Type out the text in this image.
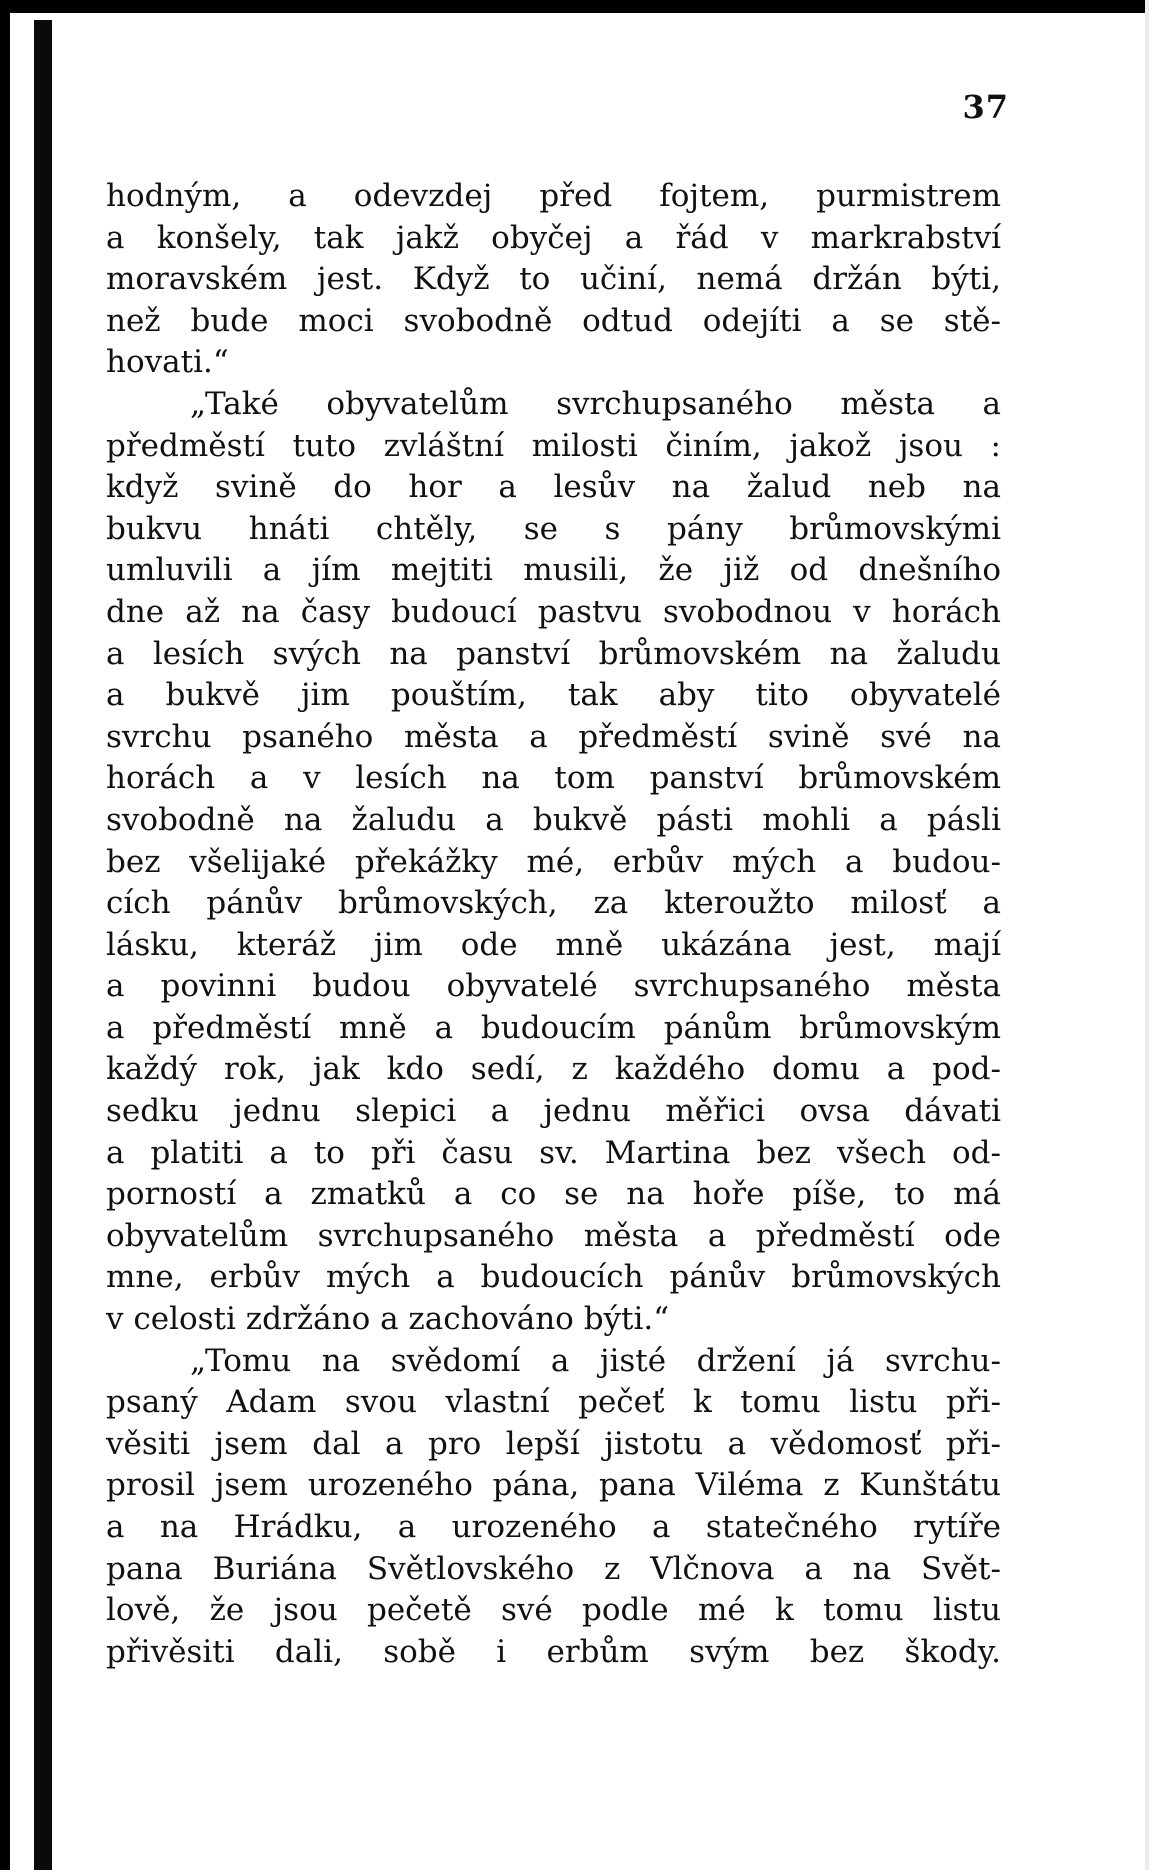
37
hodným, a odevzdej před fojtem, purmistrem
a konšely, tak jakž obyčej a řád v markrabství
moravském jest. Když to učiní, nemá držán býti,
než bude moci svobodně odtud odejíti a se stě-
hovati.“
„Také obyvatelům svrchupsaného města a
předměstí tuto zvláštní milosti činím, jakož jsou :
když svině do hor a lesův na žalud neb na
bukvu hnáti chtěly, se s pány brůmovskými
umluvili a jím mejtiti musili, že již od dnešního
dne až na časy budoucí pastvu svobodnou v horách
a lesích svých na panství brůmovském na žaludu
a bukvě jim pouštím, tak aby tito obyvatelé
svrchu psaného města a předměstí svině své na
horách a v lesích na tom panství brůmovském
svobodně na žaludu a bukvě pásti mohli a pásli
bez všelijaké překážky mé, erbův mých a budou-
cích pánův brůmovských, za kteroužto milosť a
lásku, kteráž jim ode mně ukázána jest, mají
a povinni budou obyvatelé svrchupsaného města
a předměstí mně a budoucím pánům brůmovským
každý rok, jak kdo sedí, z každého domu a pod-
sedku jednu slepici a jednu měřici ovsa dávati
a platiti a to při času sv. Martina bez všech od-
porností a zmatků a co se na hoře píše, to má
obyvatelům svrchupsaného města a předměstí ode
mne, erbův mých a budoucích pánův brůmovských
v celosti zdržáno a zachováno býti.“
„Tomu na svědomí a jisté držení já svrchu-
psaný Adam svou vlastní pečeť k tomu listu při-
věsiti jsem dal a pro lepší jistotu a vědomosť při-
prosil jsem urozeného pána, pana Viléma z Kunštátu
a na Hrádku, a urozeného a statečného rytíře
pana Buriána Světlovského z Vlčnova a na Svět-
lově, že jsou pečetě své podle mé k tomu listu
přivěsiti dali, sobě i erbům svým bez škody.
